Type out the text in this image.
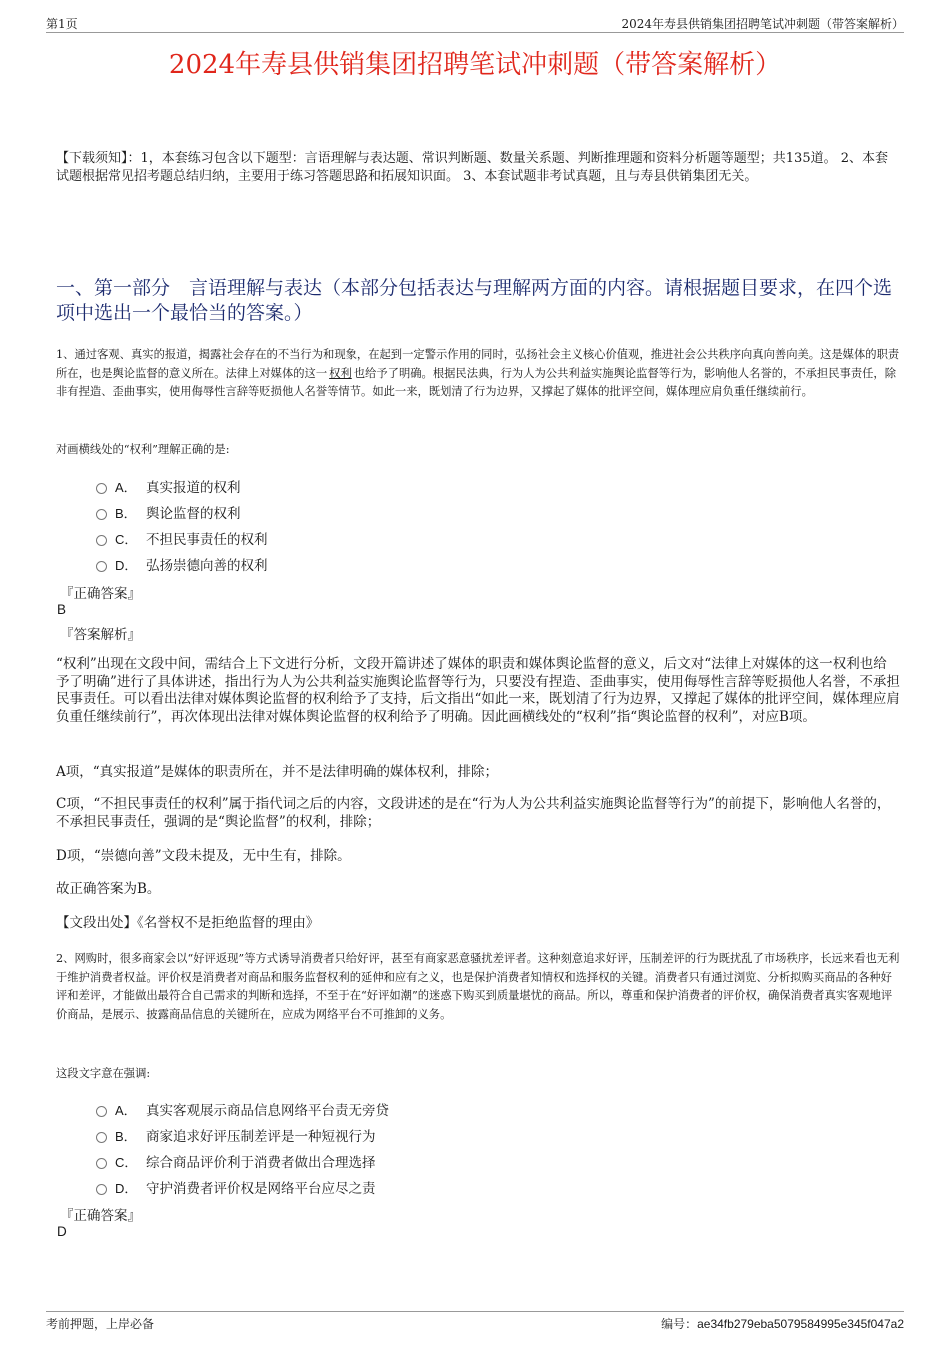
第1页	2024年寿县供销集团招聘笔试冲刺题（带答案解析）
2024年寿县供销集团招聘笔试冲刺题（带答案解析）
【下载须知】：1，本套练习包含以下题型：言语理解与表达题、常识判断题、数量关系题、判断推理题和资料分析题等题型；共135道。 2、本套试题根据常见招考题总结归纳，主要用于练习答题思路和拓展知识面。 3、本套试题非考试真题，且与寿县供销集团无关。
一、第一部分　言语理解与表达（本部分包括表达与理解两方面的内容。请根据题目要求，在四个选项中选出一个最恰当的答案。）
1、通过客观、真实的报道，揭露社会存在的不当行为和现象，在起到一定警示作用的同时，弘扬社会主义核心价值观，推进社会公共秩序向真向善向美。这是媒体的职责所在，也是舆论监督的意义所在。法律上对媒体的这一 权利 也给予了明确。根据民法典，行为人为公共利益实施舆论监督等行为，影响他人名誉的，不承担民事责任，除非有捏造、歪曲事实，使用侮辱性言辞等贬损他人名誉等情节。如此一来，既划清了行为边界，又撑起了媒体的批评空间，媒体理应肩负重任继续前行。
对画横线处的“权利”理解正确的是:
A． 真实报道的权利
B． 舆论监督的权利
C． 不担民事责任的权利
D． 弘扬崇德向善的权利
『正确答案』
B
『答案解析』
“权利”出现在文段中间，需结合上下文进行分析，文段开篇讲述了媒体的职责和媒体舆论监督的意义，后文对“法律上对媒体的这一权利也给予了明确”进行了具体讲述，指出行为人为公共利益实施舆论监督等行为，只要没有捏造、歪曲事实，使用侮辱性言辞等贬损他人名誉，不承担民事责任。可以看出法律对媒体舆论监督的权利给予了支持，后文指出“如此一来，既划清了行为边界，又撑起了媒体的批评空间，媒体理应肩负重任继续前行”，再次体现出法律对媒体舆论监督的权利给予了明确。因此画横线处的“权利”指“舆论监督的权利”，对应B项。
A项，“真实报道”是媒体的职责所在，并不是法律明确的媒体权利，排除；
C项，“不担民事责任的权利”属于指代词之后的内容，文段讲述的是在“行为人为公共利益实施舆论监督等行为”的前提下，影响他人名誉的，不承担民事责任，强调的是“舆论监督”的权利，排除；
D项，“崇德向善”文段未提及，无中生有，排除。
故正确答案为B。
【文段出处】《名誉权不是拒绝监督的理由》
2、网购时，很多商家会以“好评返现”等方式诱导消费者只给好评，甚至有商家恶意骚扰差评者。这种刻意追求好评，压制差评的行为既扰乱了市场秩序，长远来看也无利于维护消费者权益。评价权是消费者对商品和服务监督权利的延伸和应有之义，也是保护消费者知情权和选择权的关键。消费者只有通过浏览、分析拟购买商品的各种好评和差评，才能做出最符合自己需求的判断和选择，不至于在“好评如潮”的迷惑下购买到质量堪忧的商品。所以，尊重和保护消费者的评价权，确保消费者真实客观地评价商品，是展示、披露商品信息的关键所在，应成为网络平台不可推卸的义务。
这段文字意在强调:
A． 真实客观展示商品信息网络平台责无旁贷
B． 商家追求好评压制差评是一种短视行为
C． 综合商品评价利于消费者做出合理选择
D． 守护消费者评价权是网络平台应尽之责
『正确答案』
D
考前押题，上岸必备	编号：ae34fb279eba5079584995e345f047a2
